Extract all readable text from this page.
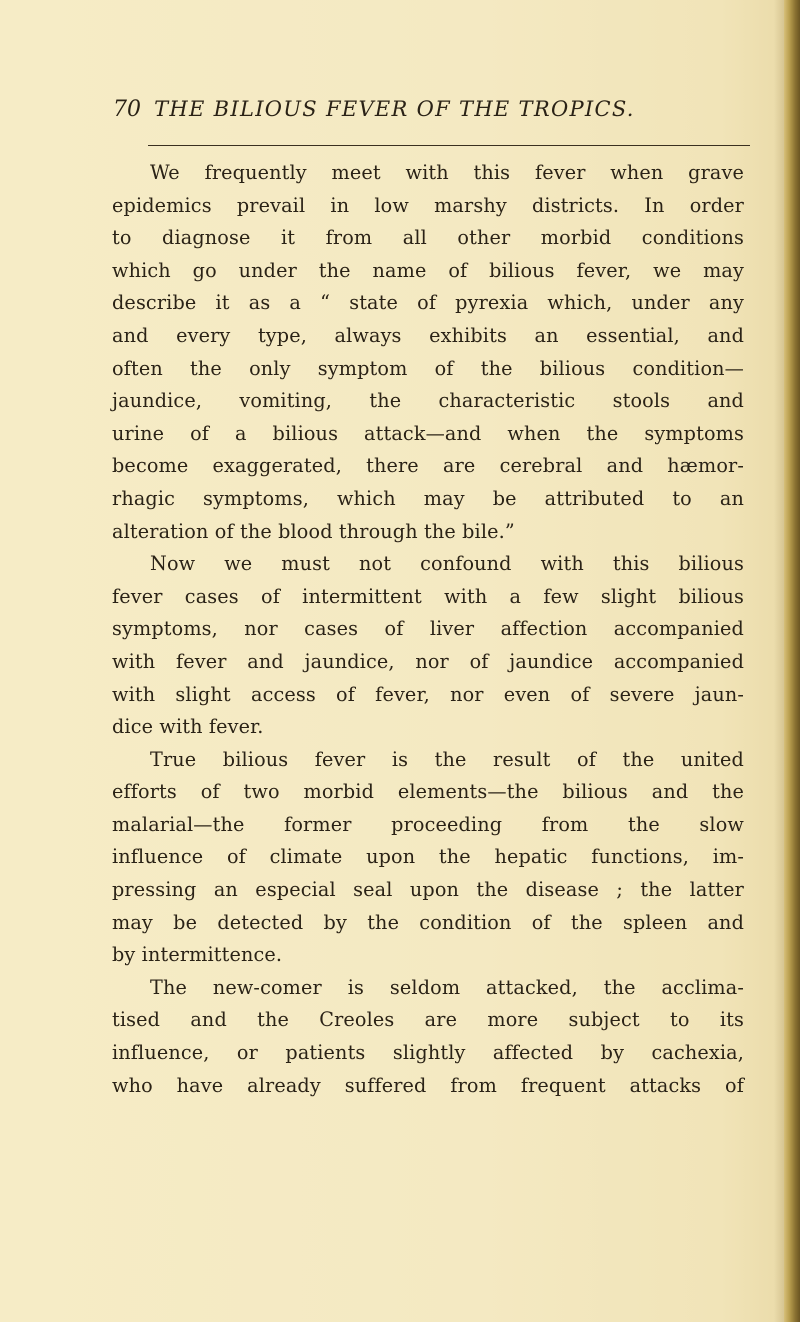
70 THE BILIOUS FEVER OF THE TROPICS.
We frequently meet with this fever when grave
epidemics prevail in low marshy districts. In order
to diagnose it from all other morbid conditions
which go under the name of bilious fever, we may
describe it as a “ state of pyrexia which, under any
and every type, always exhibits an essential, and
often the only symptom of the bilious condition—
jaundice, vomiting, the characteristic stools and
urine of a bilious attack—and when the symptoms
become exaggerated, there are cerebral and hæmor-
rhagic symptoms, which may be attributed to an
alteration of the blood through the bile.”
Now we must not confound with this bilious
fever cases of intermittent with a few slight bilious
symptoms, nor cases of liver affection accompanied
with fever and jaundice, nor of jaundice accompanied
with slight access of fever, nor even of severe jaun-
dice with fever.
True bilious fever is the result of the united
efforts of two morbid elements—the bilious and the
malarial—the former proceeding from the slow
influence of climate upon the hepatic functions, im-
pressing an especial seal upon the disease ; the latter
may be detected by the condition of the spleen and
by intermittence.
The new-comer is seldom attacked, the acclima-
tised and the Creoles are more subject to its
influence, or patients slightly affected by cachexia,
who have already suffered from frequent attacks of
